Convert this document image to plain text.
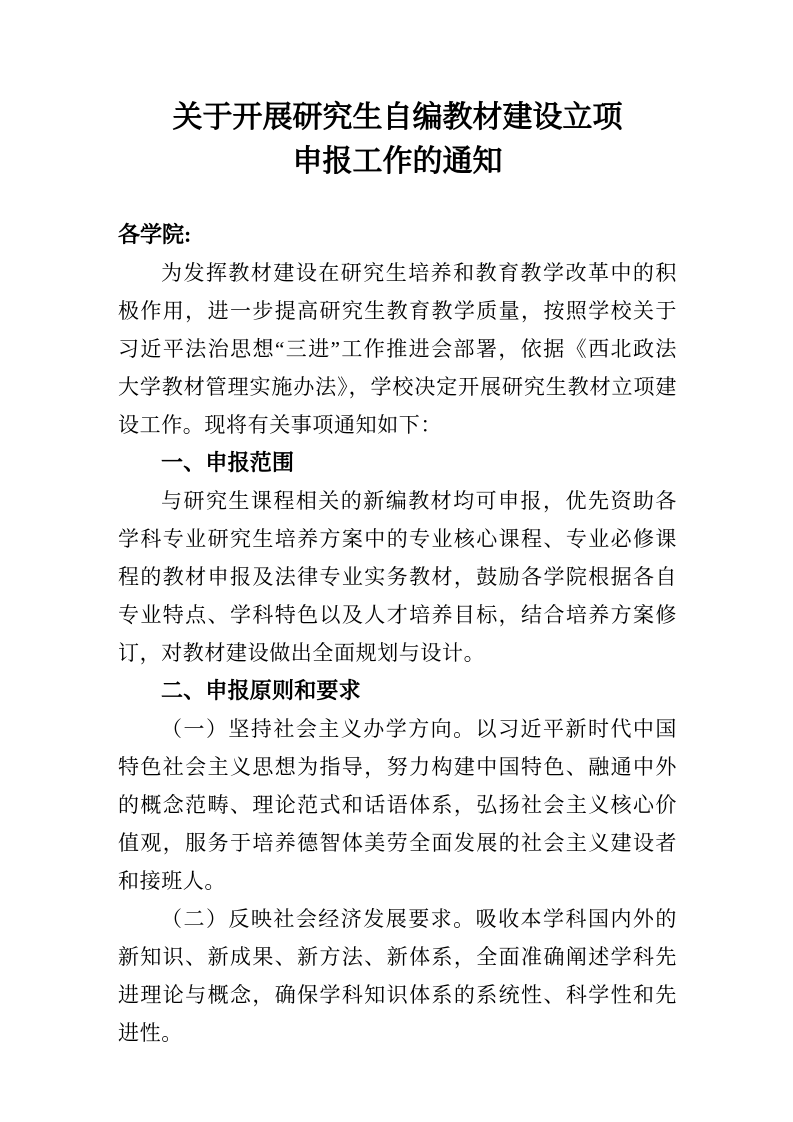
关于开展研究生自编教材建设立项
申报工作的通知

各学院:

为发挥教材建设在研究生培养和教育教学改革中的积极作用，进一步提高研究生教育教学质量，按照学校关于习近平法治思想“三进”工作推进会部署，依据《西北政法大学教材管理实施办法》，学校决定开展研究生教材立项建设工作。现将有关事项通知如下：

一、申报范围

与研究生课程相关的新编教材均可申报，优先资助各学科专业研究生培养方案中的专业核心课程、专业必修课程的教材申报及法律专业实务教材，鼓励各学院根据各自专业特点、学科特色以及人才培养目标，结合培养方案修订，对教材建设做出全面规划与设计。

二、申报原则和要求

（一）坚持社会主义办学方向。以习近平新时代中国特色社会主义思想为指导，努力构建中国特色、融通中外的概念范畴、理论范式和话语体系，弘扬社会主义核心价值观，服务于培养德智体美劳全面发展的社会主义建设者和接班人。

（二）反映社会经济发展要求。吸收本学科国内外的新知识、新成果、新方法、新体系，全面准确阐述学科先进理论与概念，确保学科知识体系的系统性、科学性和先进性。
